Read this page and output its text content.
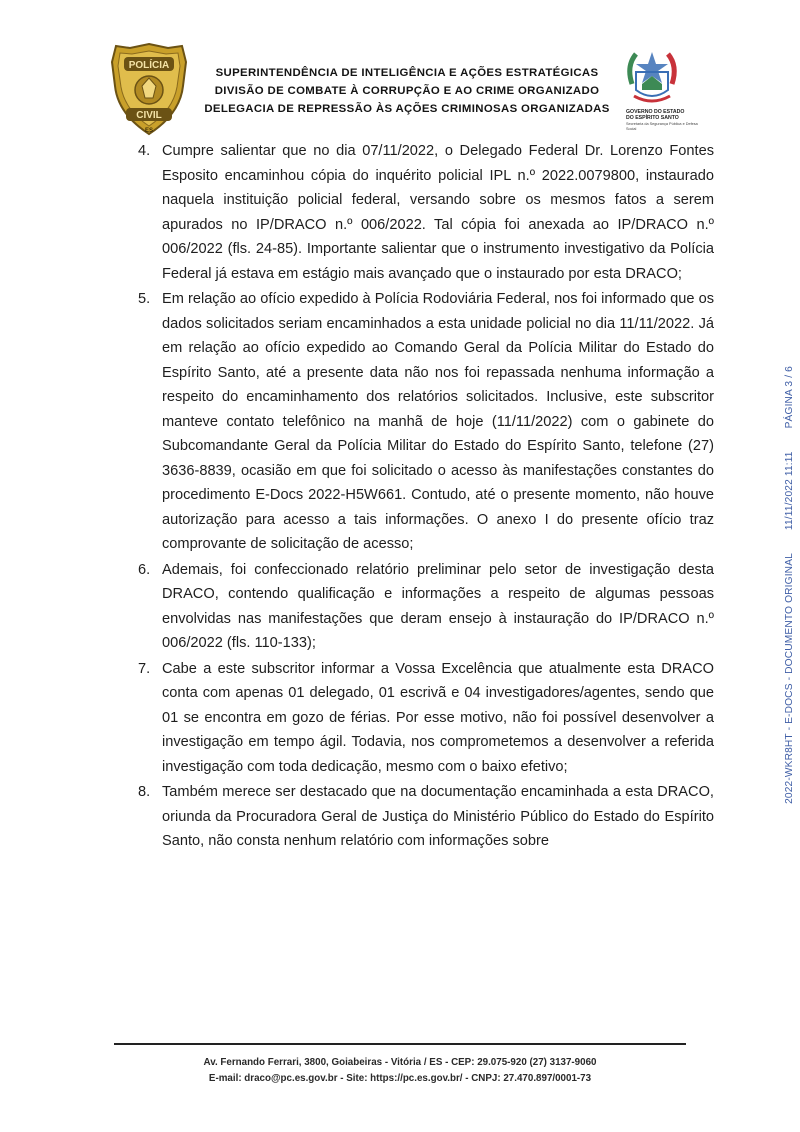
POLÍCIA
CIVIL
ES
SUPERINTENDÊNCIA DE INTELIGÊNCIA E AÇÕES ESTRATÉGICAS
DIVISÃO DE COMBATE À CORRUPÇÃO E AO CRIME ORGANIZADO
DELEGACIA DE REPRESSÃO ÀS AÇÕES CRIMINOSAS ORGANIZADAS	GOVERNO DO ESTADO
DO ESPÍRITO SANTO
Secretaria da Segurança Pública e Defesa Social
4. Cumpre salientar que no dia 07/11/2022, o Delegado Federal Dr. Lorenzo Fontes Esposito encaminhou cópia do inquérito policial IPL n.º 2022.0079800, instaurado naquela instituição policial federal, versando sobre os mesmos fatos a serem apurados no IP/DRACO n.º 006/2022. Tal cópia foi anexada ao IP/DRACO n.º 006/2022 (fls. 24-85). Importante salientar que o instrumento investigativo da Polícia Federal já estava em estágio mais avançado que o instaurado por esta DRACO;
5. Em relação ao ofício expedido à Polícia Rodoviária Federal, nos foi informado que os dados solicitados seriam encaminhados a esta unidade policial no dia 11/11/2022. Já em relação ao ofício expedido ao Comando Geral da Polícia Militar do Estado do Espírito Santo, até a presente data não nos foi repassada nenhuma informação a respeito do encaminhamento dos relatórios solicitados. Inclusive, este subscritor manteve contato telefônico na manhã de hoje (11/11/2022) com o gabinete do Subcomandante Geral da Polícia Militar do Estado do Espírito Santo, telefone (27) 3636-8839, ocasião em que foi solicitado o acesso às manifestações constantes do procedimento E-Docs 2022-H5W661. Contudo, até o presente momento, não houve autorização para acesso a tais informações. O anexo I do presente ofício traz comprovante de solicitação de acesso;
6. Ademais, foi confeccionado relatório preliminar pelo setor de investigação desta DRACO, contendo qualificação e informações a respeito de algumas pessoas envolvidas nas manifestações que deram ensejo à instauração do IP/DRACO n.º 006/2022 (fls. 110-133);
7. Cabe a este subscritor informar a Vossa Excelência que atualmente esta DRACO conta com apenas 01 delegado, 01 escrivã e 04 investigadores/agentes, sendo que 01 se encontra em gozo de férias. Por esse motivo, não foi possível desenvolver a investigação em tempo ágil. Todavia, nos comprometemos a desenvolver a referida investigação com toda dedicação, mesmo com o baixo efetivo;
8. Também merece ser destacado que na documentação encaminhada a esta DRACO, oriunda da Procuradora Geral de Justiça do Ministério Público do Estado do Espírito Santo, não consta nenhum relatório com informações sobre
2022-WKR8HT - E-DOCS - DOCUMENTO ORIGINAL 11/11/2022 11:11 PÁGINA 3 / 6
Av. Fernando Ferrari, 3800, Goiabeiras - Vitória / ES - CEP: 29.075-920 (27) 3137-9060
E-mail: draco@pc.es.gov.br - Site: https://pc.es.gov.br/ - CNPJ: 27.470.897/0001-73
